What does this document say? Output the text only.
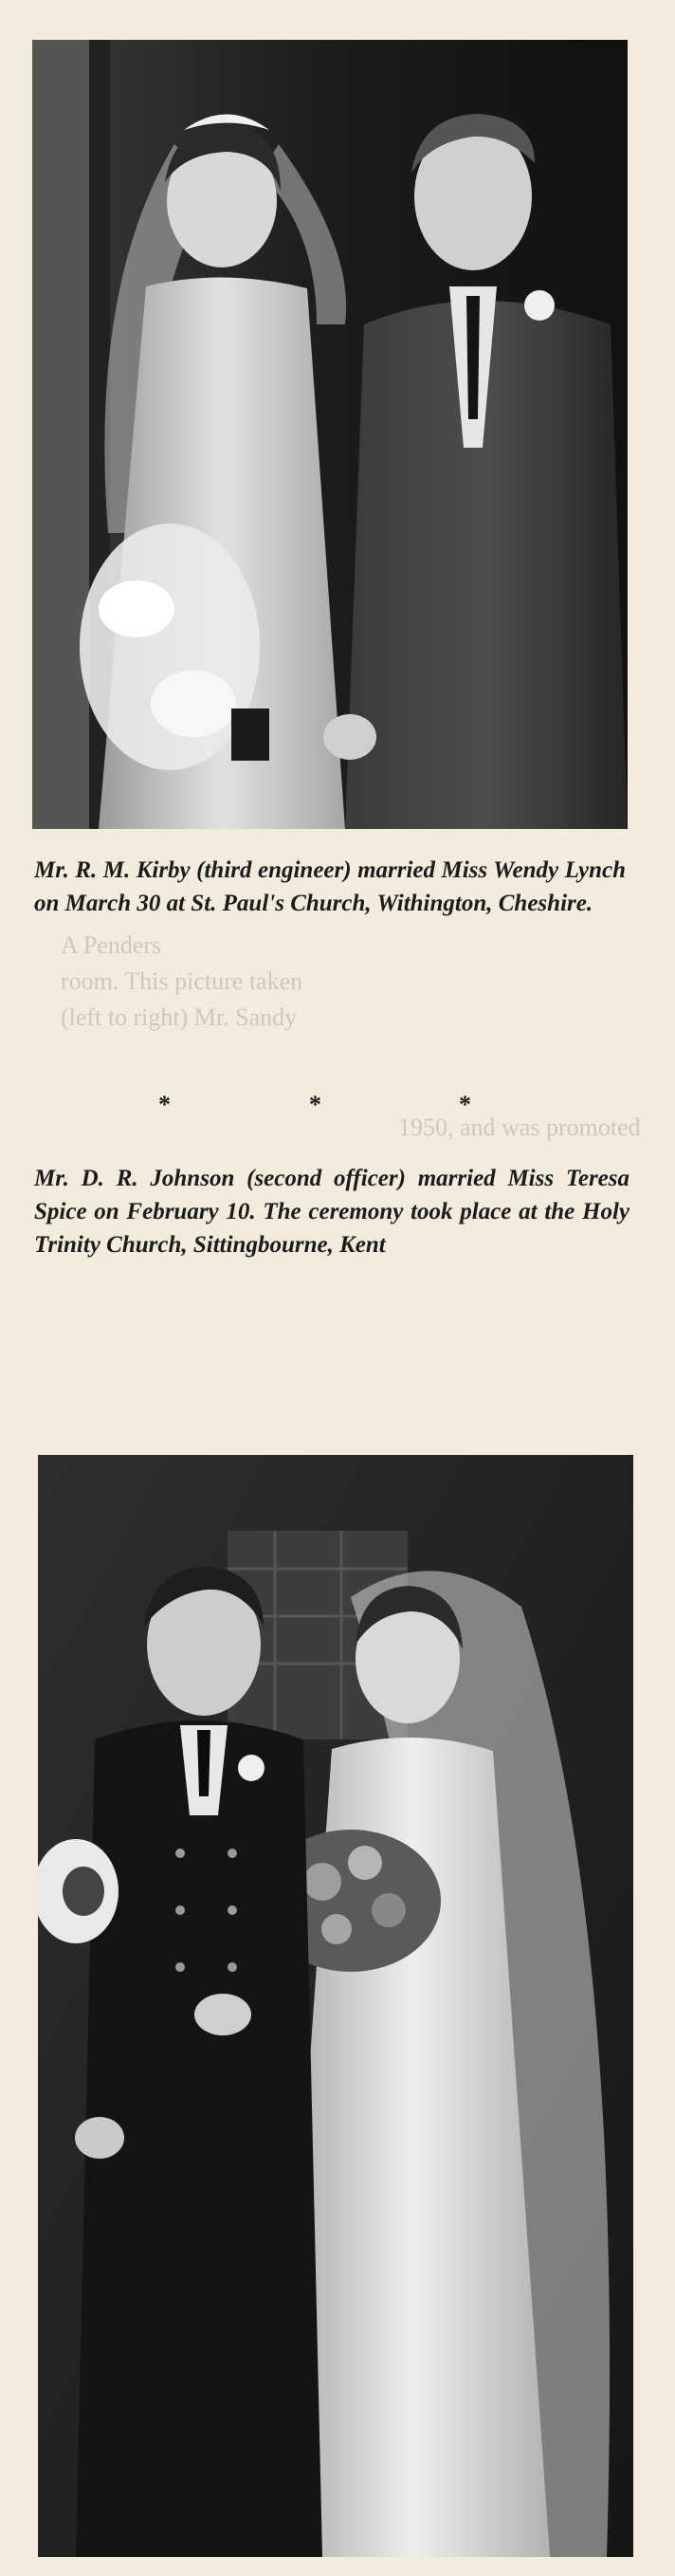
A Penders
room. This picture taken
(left to right) Mr. Sandy
Mr. R. M. Kirby (third engineer) married Miss Wendy Lynch on March 30 at St. Paul's Church, Withington, Cheshire.
*	*	*
1950, and was promoted
Mr. D. R. Johnson (second officer) married Miss Teresa Spice on February 10. The ceremony took place at the Holy Trinity Church, Sittingbourne, Kent
